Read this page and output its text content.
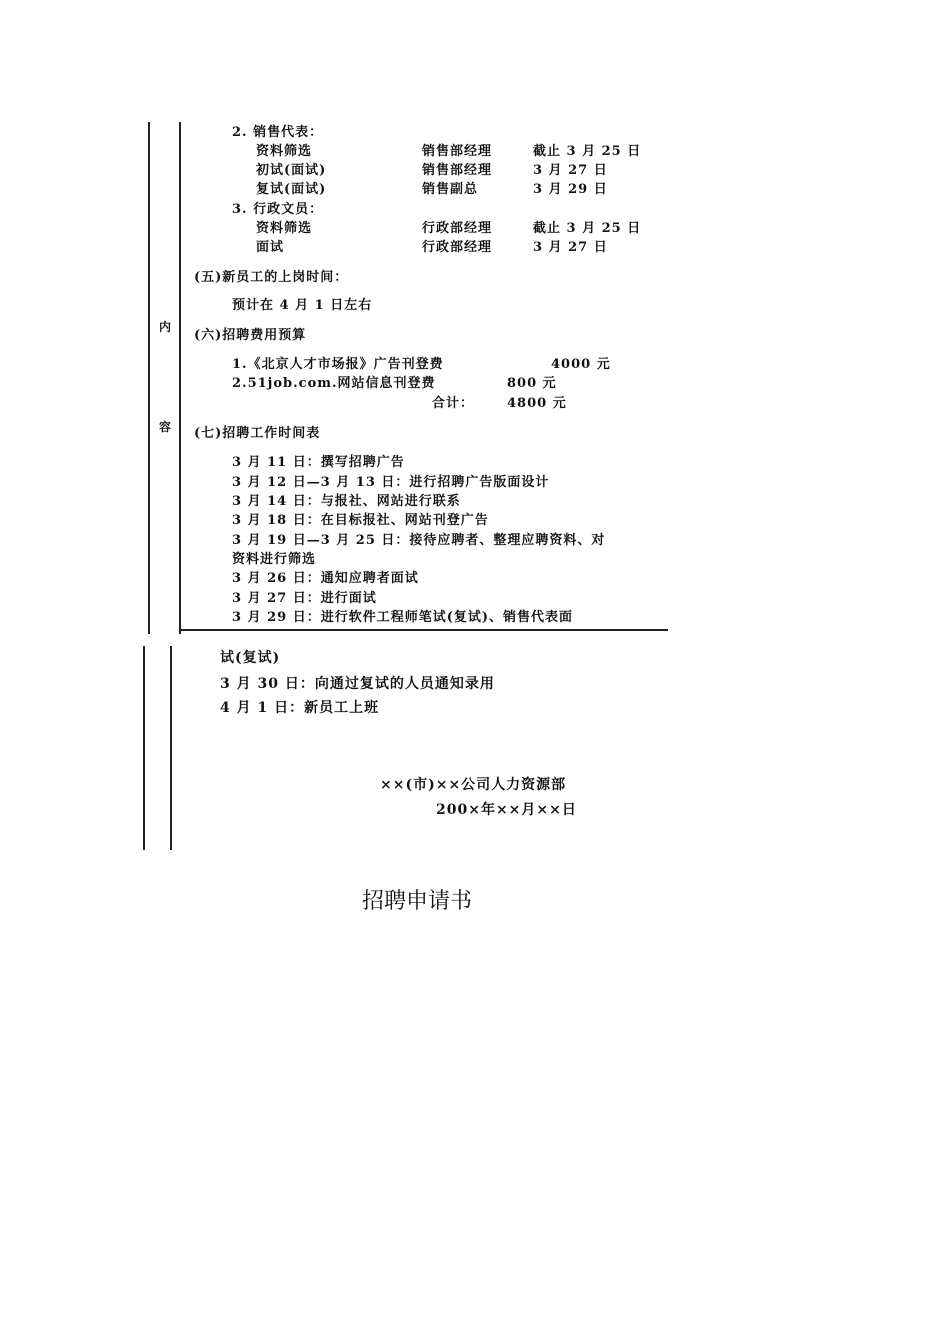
内
容
2. 销售代表：
资料筛选	销售部经理	截止 3 月 25 日
初试(面试)	销售部经理	3 月 27 日
复试(面试)	销售副总	3 月 29 日
3. 行政文员：
资料筛选	行政部经理	截止 3 月 25 日
面试	行政部经理	3 月 27 日
(五)新员工的上岗时间：
预计在 4 月 1 日左右
(六)招聘费用预算
1.《北京人才市场报》广告刊登费	4000 元
2.51job.com.网站信息刊登费	800 元
合计：	4800 元
(七)招聘工作时间表
3 月 11 日：撰写招聘广告
3 月 12 日—3 月 13 日：进行招聘广告版面设计
3 月 14 日：与报社、网站进行联系
3 月 18 日：在目标报社、网站刊登广告
3 月 19 日—3 月 25 日：接待应聘者、整理应聘资料、对
资料进行筛选
3 月 26 日：通知应聘者面试
3 月 27 日：进行面试
3 月 29 日：进行软件工程师笔试(复试)、销售代表面
试(复试)
3 月 30 日：向通过复试的人员通知录用
4 月 1 日：新员工上班
××(市)××公司人力资源部
200×年××月××日
招聘申请书
